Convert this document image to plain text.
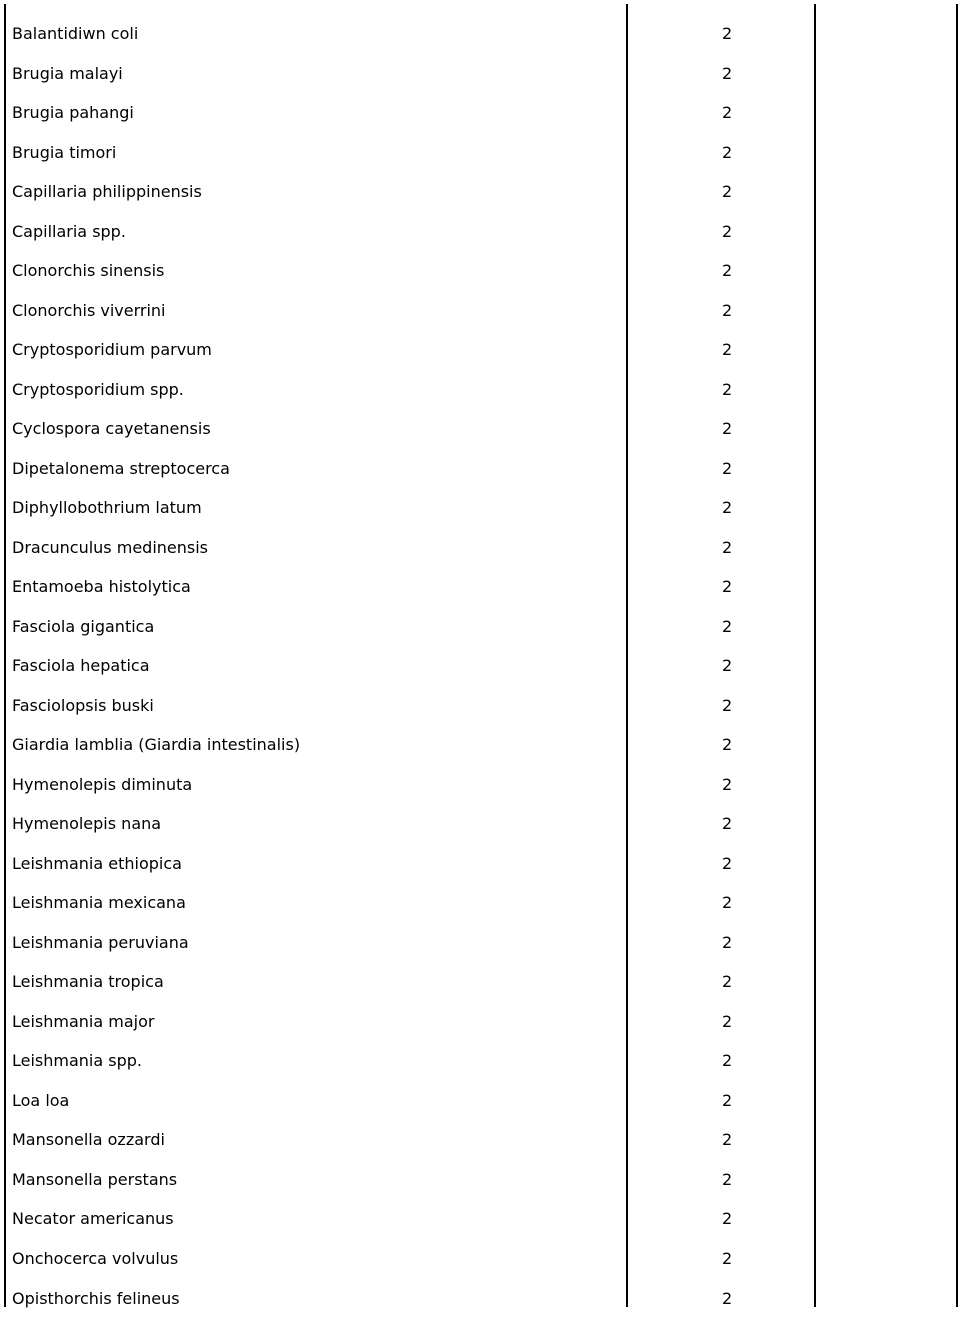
Balantidiwn coli	2
Brugia malayi	2
Brugia pahangi	2
Brugia timori	2
Capillaria philippinensis	2
Capillaria spp.	2
Clonorchis sinensis	2
Clonorchis viverrini	2
Cryptosporidium parvum	2
Cryptosporidium spp.	2
Cyclospora cayetanensis	2
Dipetalonema streptocerca	2
Diphyllobothrium latum	2
Dracunculus medinensis	2
Entamoeba histolytica	2
Fasciola gigantica	2
Fasciola hepatica	2
Fasciolopsis buski	2
Giardia lamblia (Giardia intestinalis)	2
Hymenolepis diminuta	2
Hymenolepis nana	2
Leishmania ethiopica	2
Leishmania mexicana	2
Leishmania peruviana	2
Leishmania tropica	2
Leishmania major	2
Leishmania spp.	2
Loa loa	2
Mansonella ozzardi	2
Mansonella perstans	2
Necator americanus	2
Onchocerca volvulus	2
Opisthorchis felineus	2
